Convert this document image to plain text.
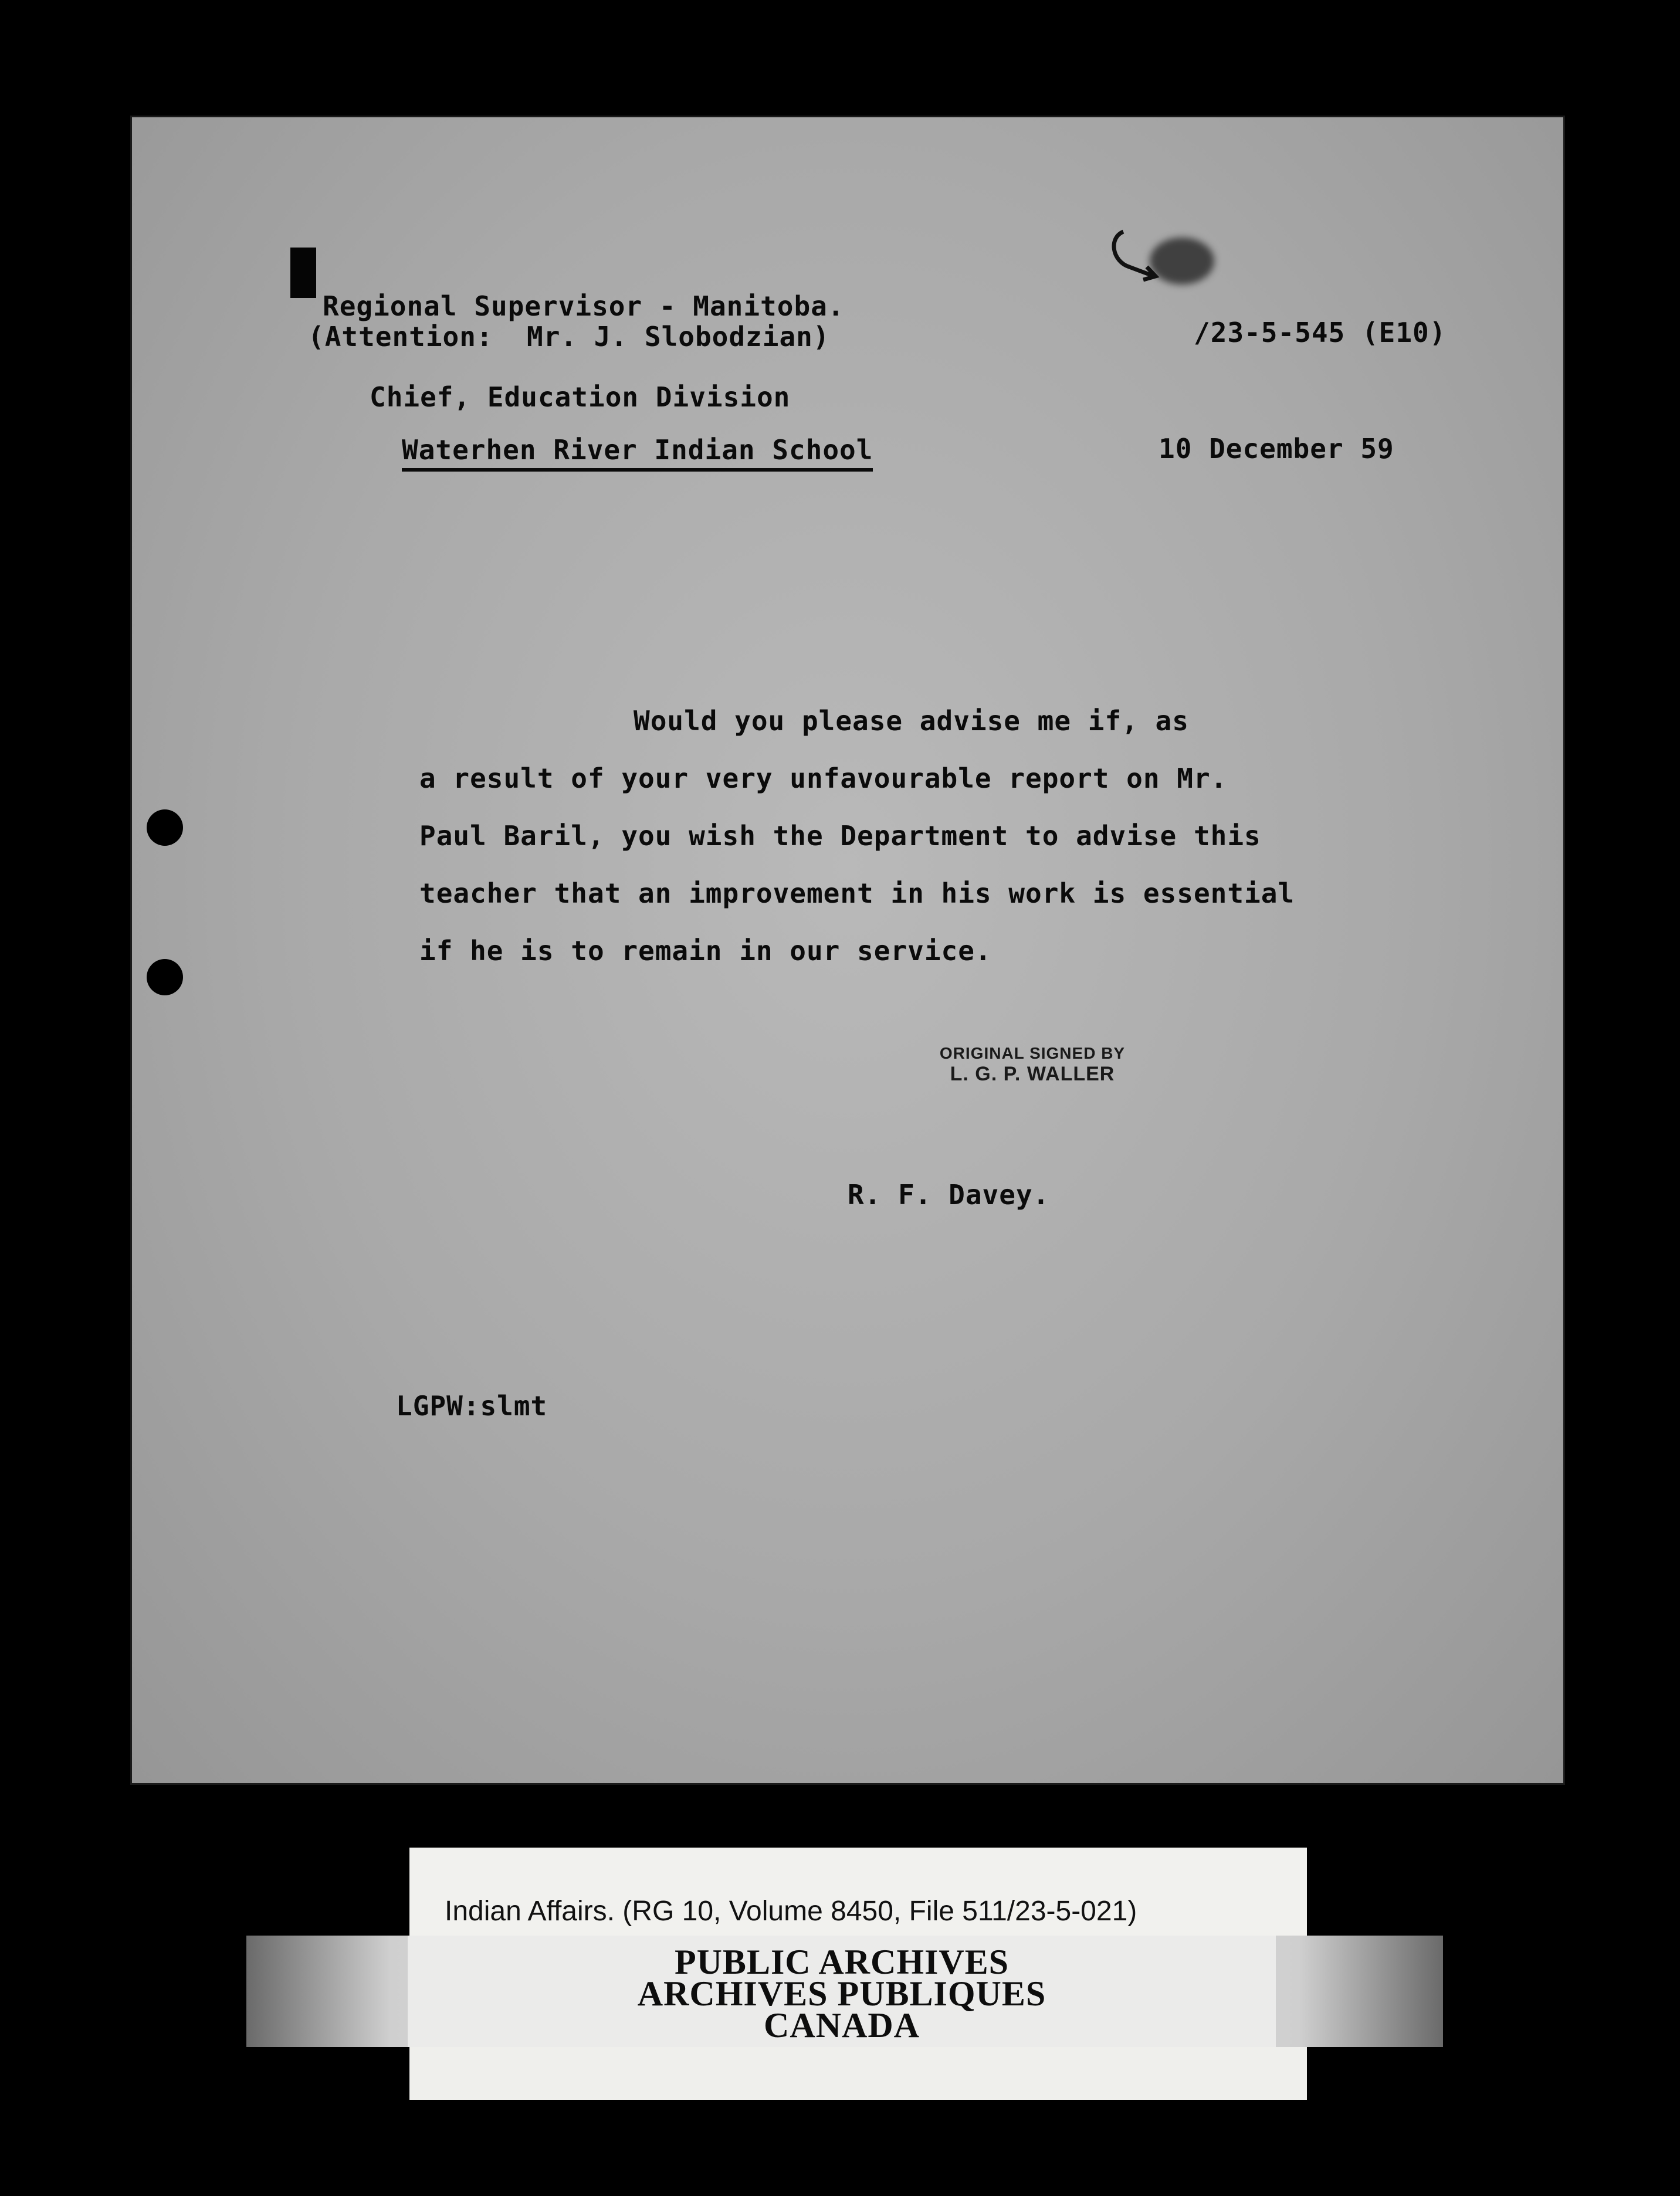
Regional Supervisor - Manitoba.
(Attention:  Mr. J. Slobodzian)	/23-5-545 (E10)
Chief, Education Division
Waterhen River Indian School	10 December 59
Would you please advise me if, as
a result of your very unfavourable report on Mr.
Paul Baril, you wish the Department to advise this
teacher that an improvement in his work is essential
if he is to remain in our service.
ORIGINAL SIGNED BY
L. G. P. WALLER
R. F. Davey.
LGPW:slmt
Indian Affairs. (RG 10, Volume 8450, File 511/23-5-021)
PUBLIC ARCHIVES
ARCHIVES PUBLIQUES
CANADA
